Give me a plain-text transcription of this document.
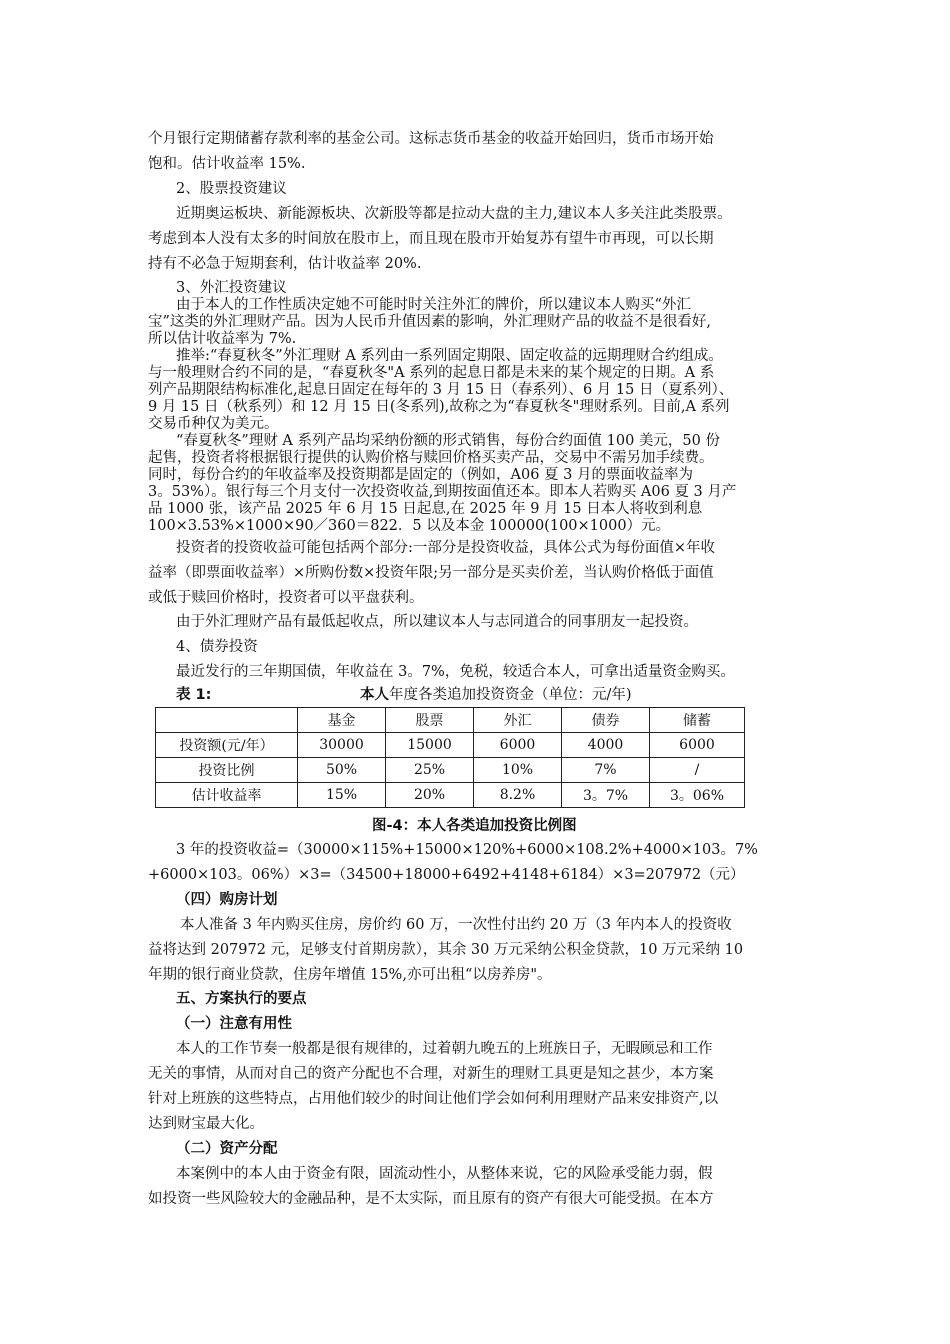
个月银行定期储蓄存款利率的基金公司。这标志货币基金的收益开始回归，货币市场开始
饱和。估计收益率 15%.
2、股票投资建议
近期奥运板块、新能源板块、次新股等都是拉动大盘的主力,建议本人多关注此类股票。
考虑到本人没有太多的时间放在股市上，而且现在股市开始复苏有望牛市再现，可以长期
持有不必急于短期套利，估计收益率 20%.
3、外汇投资建议
由于本人的工作性质决定她不可能时时关注外汇的牌价，所以建议本人购买“外汇
宝”这类的外汇理财产品。因为人民币升值因素的影响，外汇理财产品的收益不是很看好,
所以估计收益率为 7%.
推举:“春夏秋冬”外汇理财 A 系列由一系列固定期限、固定收益的远期理财合约组成。
与一般理财合约不同的是，“春夏秋冬"A 系列的起息日都是未来的某个规定的日期。A 系
列产品期限结构标准化,起息日固定在每年的 3 月 15 日（春系列）、6 月 15 日（夏系列）、
9 月 15 日（秋系列）和 12 月 15 日(冬系列),故称之为“春夏秋冬"理财系列。目前,A 系列
交易币种仅为美元。
“春夏秋冬”理财 A 系列产品均采纳份额的形式销售，每份合约面值 100 美元，50 份
起售，投资者将根据银行提供的认购价格与赎回价格买卖产品，交易中不需另加手续费。
同时，每份合约的年收益率及投资期都是固定的（例如，A06 夏 3 月的票面收益率为
3。53%）。银行每三个月支付一次投资收益,到期按面值还本。即本人若购买 A06 夏 3 月产
品 1000 张，该产品 2025 年 6 月 15 日起息,在 2025 年 9 月 15 日本人将收到利息
100×3.53%×1000×90／360＝822．5 以及本金 100000(100×1000）元。
投资者的投资收益可能包括两个部分:一部分是投资收益，具体公式为每份面值×年收
益率（即票面收益率）×所购份数×投资年限;另一部分是买卖价差，当认购价格低于面值
或低于赎回价格时，投资者可以平盘获利。
由于外汇理财产品有最低起收点，所以建议本人与志同道合的同事朋友一起投资。
4、债券投资
最近发行的三年期国债，年收益在 3。7%，免税，较适合本人，可拿出适量资金购买。
表 1:	本人年度各类追加投资资金（单位：元/年)
	基金	股票	外汇	债券	储蓄
投资额(元/年）	30000	15000	6000	4000	6000
投资比例	50%	25%	10%	7%	/
估计收益率	15%	20%	8.2%	3。7%	3。06%
图-4：本人各类追加投资比例图
3 年的投资收益=（30000×115%+15000×120%+6000×108.2%+4000×103。7%
+6000×103。06%）×3=（34500+18000+6492+4148+6184）×3=207972（元）
（四）购房计划
本人准备 3 年内购买住房，房价约 60 万，一次性付出约 20 万（3 年内本人的投资收
益将达到 207972 元，足够支付首期房款），其余 30 万元采纳公积金贷款，10 万元采纳 10
年期的银行商业贷款，住房年增值 15%,亦可出租“以房养房"。
五、方案执行的要点
（一）注意有用性
本人的工作节奏一般都是很有规律的，过着朝九晚五的上班族日子，无暇顾忌和工作
无关的事情，从而对自己的资产分配也不合理，对新生的理财工具更是知之甚少，本方案
针对上班族的这些特点，占用他们较少的时间让他们学会如何利用理财产品来安排资产,以
达到财宝最大化。
（二）资产分配
本案例中的本人由于资金有限，固流动性小，从整体来说，它的风险承受能力弱，假
如投资一些风险较大的金融品种，是不太实际，而且原有的资产有很大可能受损。在本方
